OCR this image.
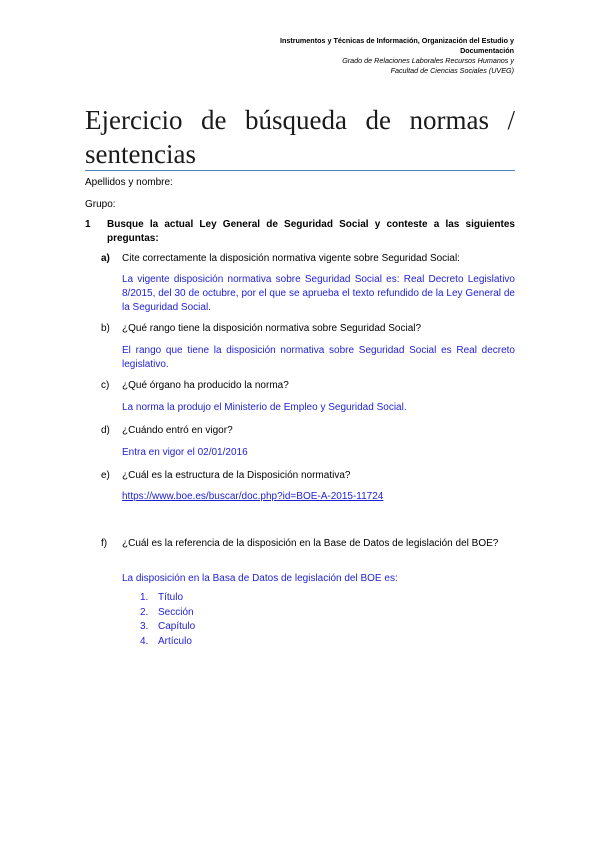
Instrumentos y Técnicas de Información, Organización del Estudio y
Documentación
Grado de Relaciones Laborales Recursos Humanos y
Facultad de Ciencias Sociales (UVEG)
Ejercicio de búsqueda de normas /
sentencias
Apellidos y nombre:
Grupo:
1 Busque la actual Ley General de Seguridad Social y conteste a las siguientes preguntas:
a) Cite correctamente la disposición normativa vigente sobre Seguridad Social:
La vigente disposición normativa sobre Seguridad Social es: Real Decreto Legislativo 8/2015, del 30 de octubre, por el que se aprueba el texto refundido de la Ley General de la Seguridad Social.
b) ¿Qué rango tiene la disposición normativa sobre Seguridad Social?
El rango que tiene la disposición normativa sobre Seguridad Social es Real decreto legislativo.
c) ¿Qué órgano ha producido la norma?
La norma la produjo el Ministerio de Empleo y Seguridad Social.
d) ¿Cuándo entró en vigor?
Entra en vigor el 02/01/2016
e) ¿Cuál es la estructura de la Disposición normativa?
https://www.boe.es/buscar/doc.php?id=BOE-A-2015-11724
f) ¿Cuál es la referencia de la disposición en la Base de Datos de legislación del BOE?
La disposición en la Basa de Datos de legislación del BOE es:
1. Título
2. Sección
3. Capítulo
4. Artículo
